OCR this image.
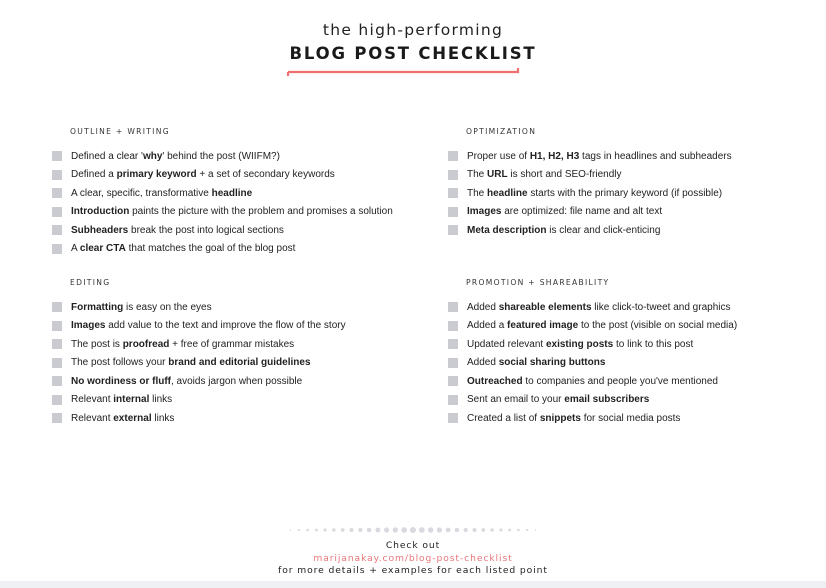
the high-performing
BLOG POST CHECKLIST
OUTLINE + WRITING
Defined a clear 'why' behind the post (WIIFM?)
Defined a primary keyword + a set of secondary keywords
A clear, specific, transformative headline
Introduction paints the picture with the problem and promises a solution
Subheaders break the post into logical sections
A clear CTA that matches the goal of the blog post
OPTIMIZATION
Proper use of H1, H2, H3 tags in headlines and subheaders
The URL is short and SEO-friendly
The headline starts with the primary keyword (if possible)
Images are optimized: file name and alt text
Meta description is clear and click-enticing
EDITING
Formatting is easy on the eyes
Images add value to the text and improve the flow of the story
The post is proofread + free of grammar mistakes
The post follows your brand and editorial guidelines
No wordiness or fluff, avoids jargon when possible
Relevant internal links
Relevant external links
PROMOTION + SHAREABILITY
Added shareable elements like click-to-tweet and graphics
Added a featured image to the post (visible on social media)
Updated relevant existing posts to link to this post
Added social sharing buttons
Outreached to companies and people you've mentioned
Sent an email to your email subscribers
Created a list of snippets for social media posts
Check out
marijanakay.com/blog-post-checklist
for more details + examples for each listed point
